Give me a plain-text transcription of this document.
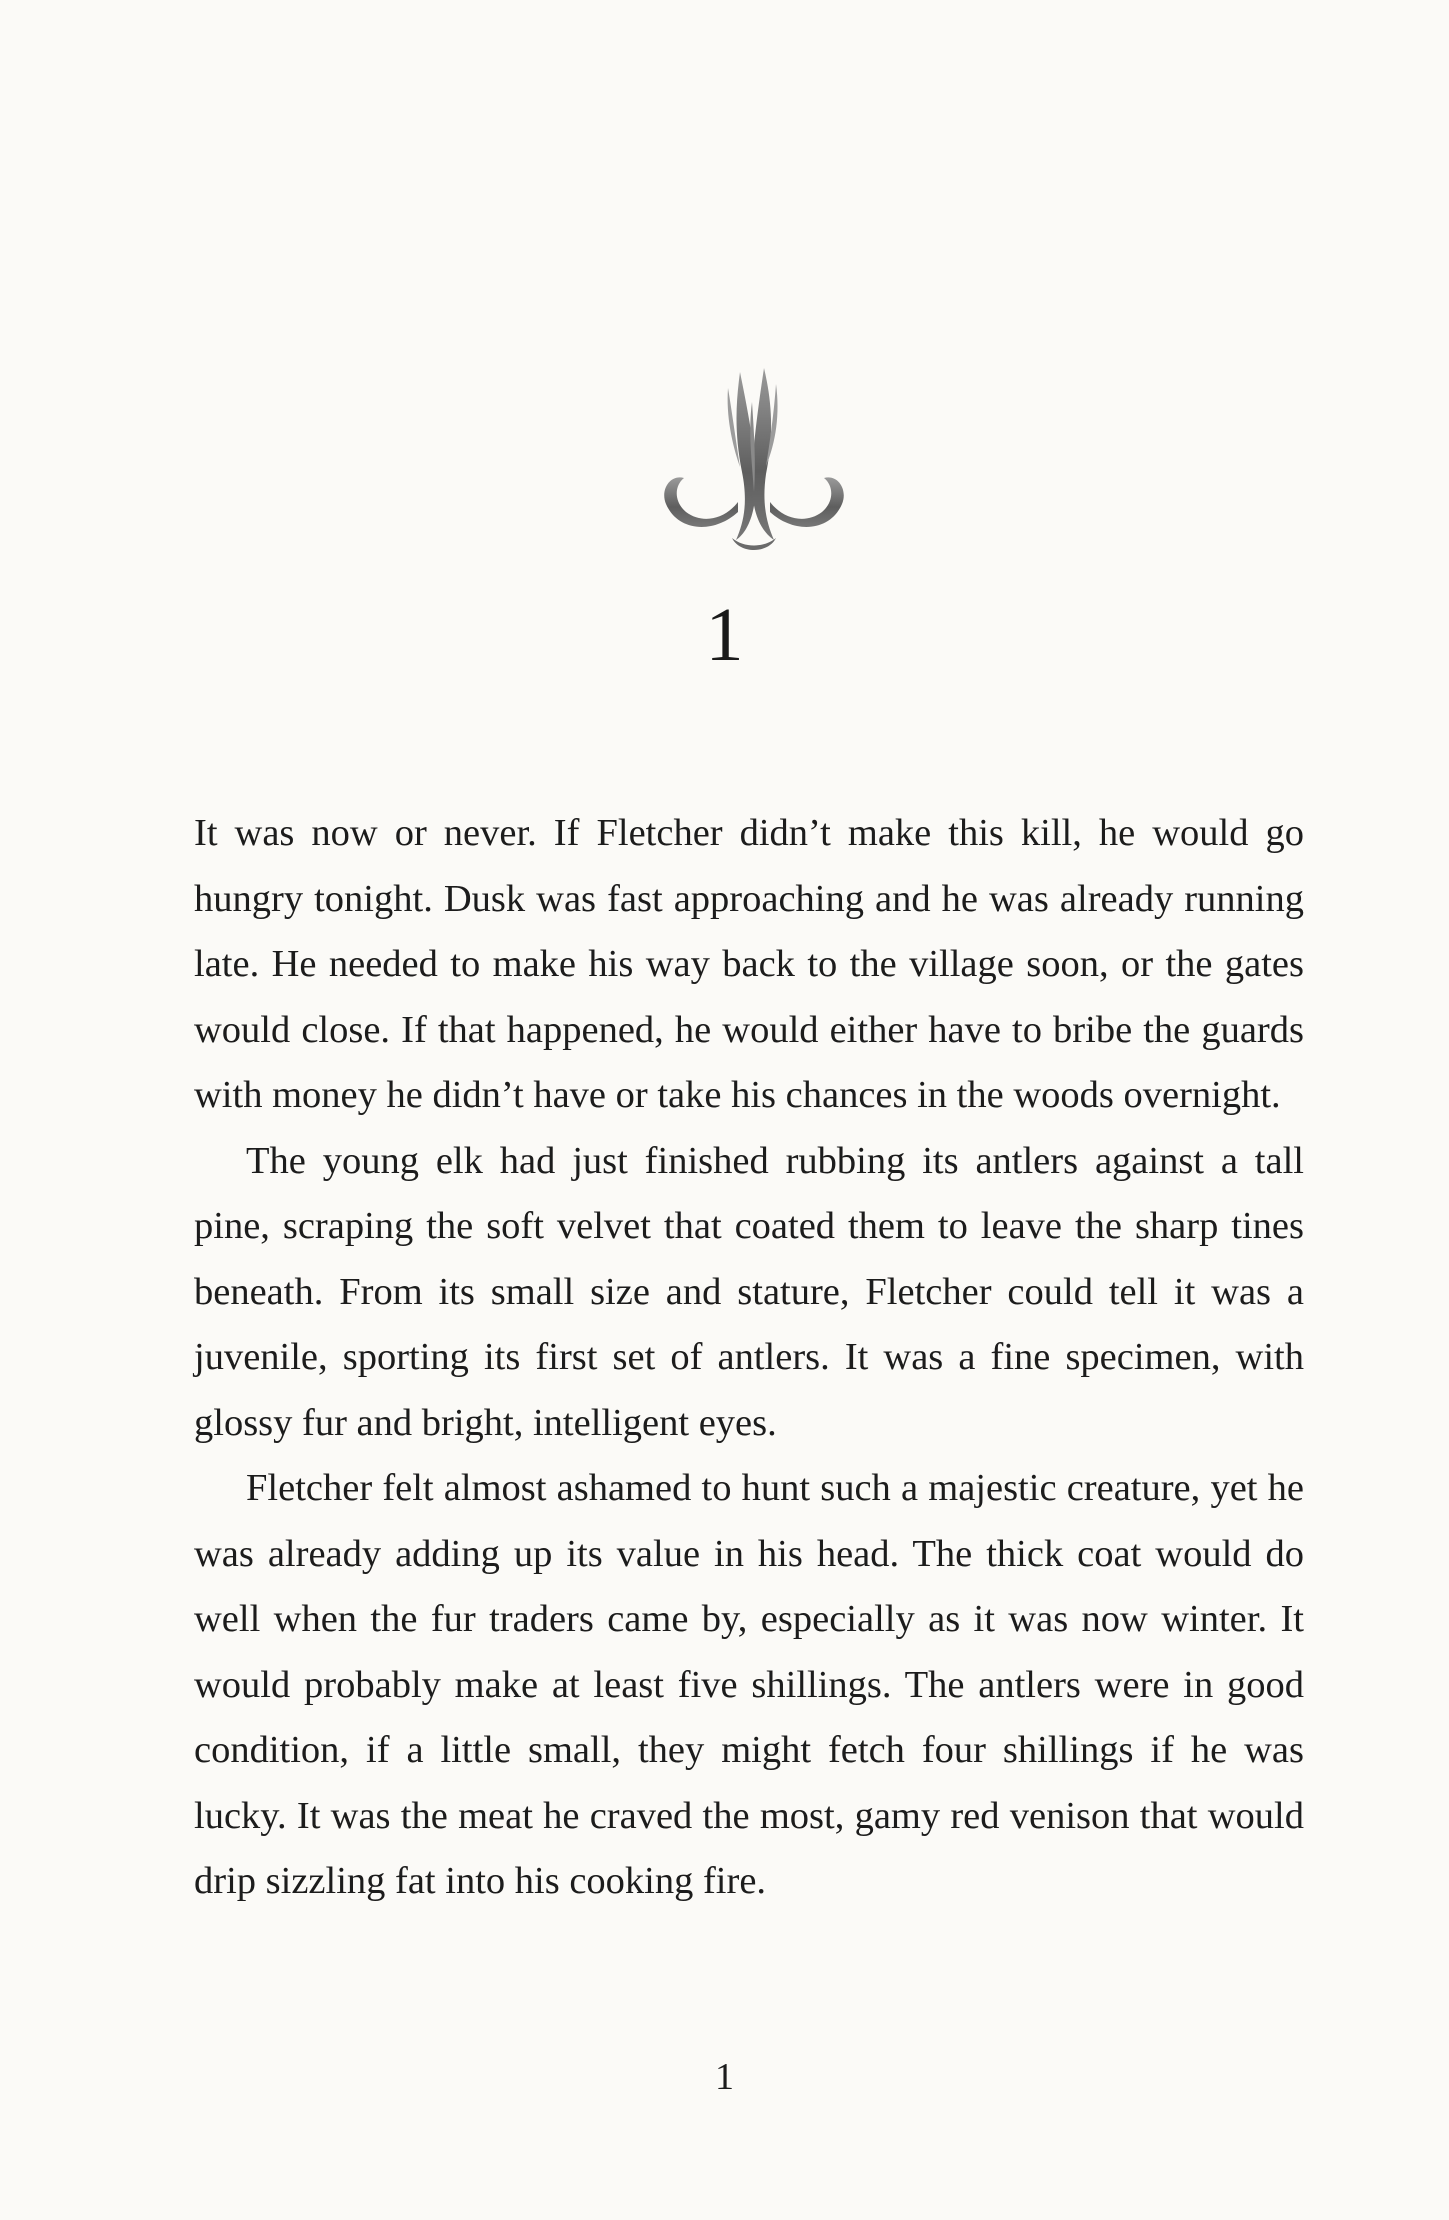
1

It was now or never. If Fletcher didn’t make this kill, he would go hungry tonight. Dusk was fast approaching and he was already running late. He needed to make his way back to the village soon, or the gates would close. If that happened, he would either have to bribe the guards with money he didn’t have or take his chances in the woods overnight.

The young elk had just finished rubbing its antlers against a tall pine, scraping the soft velvet that coated them to leave the sharp tines beneath. From its small size and stature, Fletcher could tell it was a juvenile, sporting its first set of antlers. It was a fine specimen, with glossy fur and bright, intelligent eyes.

Fletcher felt almost ashamed to hunt such a majestic creature, yet he was already adding up its value in his head. The thick coat would do well when the fur traders came by, especially as it was now winter. It would probably make at least five shillings. The antlers were in good condition, if a little small, they might fetch four shillings if he was lucky. It was the meat he craved the most, gamy red venison that would drip sizzling fat into his cooking fire.

1
